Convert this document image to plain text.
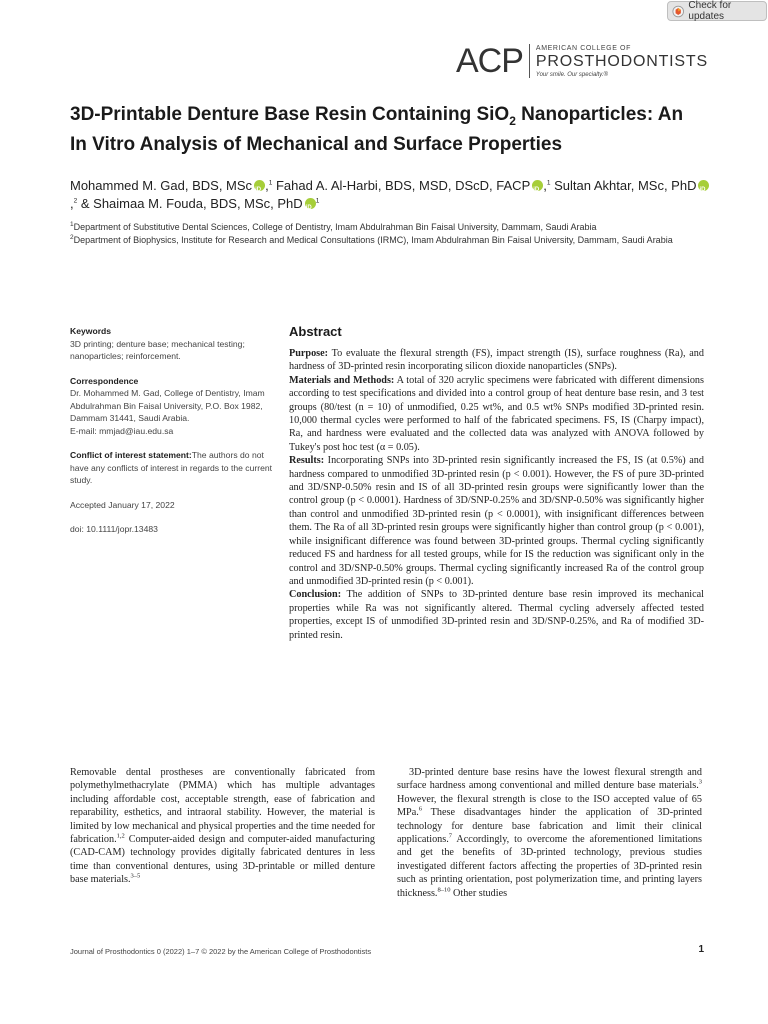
Check for updates
ACP AMERICAN COLLEGE OF
PROSTHODONTISTS
Your smile. Our specialty.®
3D-Printable Denture Base Resin Containing SiO$_2$ Nanoparticles: An In Vitro Analysis of Mechanical and Surface Properties
Mohammed M. Gad, BDS, MSc iD ,$^1$ Fahad A. Al-Harbi, BDS, MSD, DScD, FACP iD ,$^1$ Sultan Akhtar, MSc, PhDiD,$^2$ & Shaimaa M. Fouda, BDS, MSc, PhD iD $^1$
$^1$Department of Substitutive Dental Sciences, College of Dentistry, Imam Abdulrahman Bin Faisal University, Dammam, Saudi Arabia
$^2$Department of Biophysics, Institute for Research and Medical Consultations (IRMC), Imam Abdulrahman Bin Faisal University, Dammam, Saudi Arabia

Keywords

3D printing; denture base; mechanical testing; nanoparticles; reinforcement.

Correspondence

Dr. Mohammed M. Gad, College of Dentistry, Imam Abdulrahman Bin Faisal University, P.O. Box 1982, Dammam 31441, Saudi Arabia.

E-mail: mmjad@iau.edu.sa

Conflict of interest statement:The authors do not have any conflicts of interest in regards to the current study.

Accepted January 17, 2022

doi: 10.1111/jopr.13483

Abstract

Purpose: To evaluate the flexural strength (FS), impact strength (IS), surface roughness (Ra), and hardness of 3D-printed resin incorporating silicon dioxide nanoparticles (SNPs).

Materials and Methods: A total of 320 acrylic specimens were fabricated with different dimensions according to test specifications and divided into a control group of heat denture base resin, and 3 test groups (80/test (n = 10) of unmodified, 0.25 wt%, and 0.5 wt% SNPs modified 3D-printed resin. 10,000 thermal cycles were performed to half of the fabricated specimens. FS, IS (Charpy impact), Ra, and hardness were evaluated and the collected data was analyzed with ANOVA followed by Tukey's post hoc test (α = 0.05).

Results: Incorporating SNPs into 3D-printed resin significantly increased the FS, IS (at 0.5%) and hardness compared to unmodified 3D-printed resin (p < 0.001). However, the FS of pure 3D-printed and 3D/SNP-0.50% resin and IS of all 3D-printed resin groups were significantly lower than the control group (p < 0.0001). Hardness of 3D/SNP-0.25% and 3D/SNP-0.50% was significantly higher than control and unmodified 3D-printed resin (p < 0.0001), with insignificant differences between them. The Ra of all 3D-printed resin groups were significantly higher than control group (p < 0.001), while insignificant difference was found between 3D-printed groups. Thermal cycling significantly reduced FS and hardness for all tested groups, while for IS the reduction was significant only in the control and 3D/SNP-0.50% groups. Thermal cycling significantly increased Ra of the control group and unmodified 3D-printed resin (p < 0.001).

Conclusion: The addition of SNPs to 3D-printed denture base resin improved its mechanical properties while Ra was not significantly altered. Thermal cycling adversely affected tested properties, except IS of unmodified 3D-printed resin and 3D/SNP-0.25%, and Ra of modified 3D-printed resin.

Removable dental prostheses are conventionally fabricated from polymethylmethacrylate (PMMA) which has multiple advantages including affordable cost, acceptable strength, ease of fabrication and reparability, esthetics, and intraoral stability. However, the material is limited by low mechanical and physical properties and the time needed for fabrication.$^{1,2}$ Computer-aided design and computer-aided manufacturing (CAD-CAM) technology provides digitally fabricated dentures in less time than conventional dentures, using 3D-printable or milled denture base materials.$^{3-5}$

3D-printed denture base resins have the lowest flexural strength and surface hardness among conventional and milled denture base materials.$^3$ However, the flexural strength is close to the ISO accepted value of 65 MPa.$^6$ These disadvantages hinder the application of 3D-printed technology for denture base fabrication and limit their clinical applications.$^7$ Accordingly, to overcome the aforementioned limitations and get the benefits of 3D-printed technology, previous studies investigated different factors affecting the properties of 3D-printed resin such as printing orientation, post polymerization time, and printing layers thickness.$^{8-10}$ Other studies

Journal of Prosthodontics 0 (2022) 1–7 © 2022 by the American College of Prosthodontists	1
